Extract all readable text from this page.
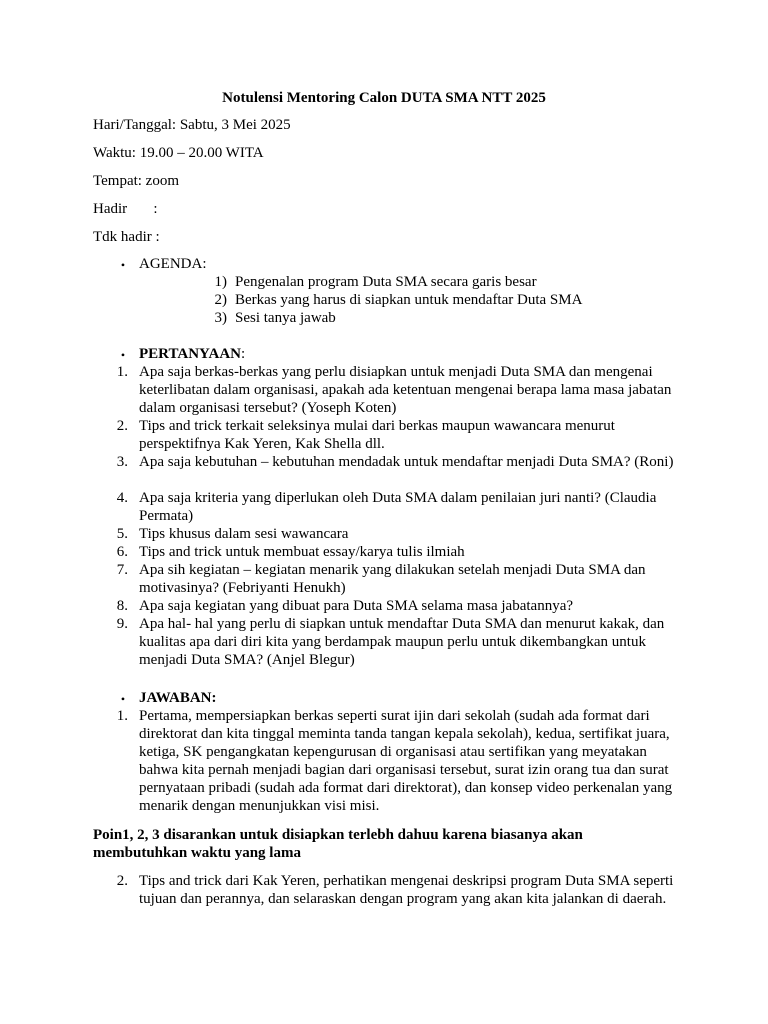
Notulensi Mentoring Calon DUTA SMA NTT 2025
Hari/Tanggal: Sabtu, 3 Mei 2025
Waktu: 19.00 – 20.00 WITA
Tempat: zoom
Hadir       :
Tdk hadir :
• AGENDA:
1) Pengenalan program Duta SMA secara garis besar
2) Berkas yang harus di siapkan untuk mendaftar Duta SMA
3) Sesi tanya jawab
• PERTANYAAN:
1. Apa saja berkas-berkas yang perlu disiapkan untuk menjadi Duta SMA dan mengenai keterlibatan dalam organisasi, apakah ada ketentuan mengenai berapa lama masa jabatan dalam organisasi tersebut? (Yoseph Koten)
2. Tips and trick terkait seleksinya mulai dari berkas maupun wawancara menurut perspektifnya Kak Yeren, Kak Shella dll.
3. Apa saja kebutuhan – kebutuhan mendadak untuk mendaftar menjadi Duta SMA? (Roni)
4. Apa saja kriteria yang diperlukan oleh Duta SMA dalam penilaian juri nanti? (Claudia Permata)
5. Tips khusus dalam sesi wawancara
6. Tips and trick untuk membuat essay/karya tulis ilmiah
7. Apa sih kegiatan – kegiatan menarik yang dilakukan setelah menjadi Duta SMA dan motivasinya? (Febriyanti Henukh)
8. Apa saja kegiatan yang dibuat para Duta SMA selama masa jabatannya?
9. Apa hal- hal yang perlu di siapkan untuk mendaftar Duta SMA dan menurut kakak, dan kualitas apa dari diri kita yang berdampak maupun perlu untuk dikembangkan untuk menjadi Duta SMA? (Anjel Blegur)
• JAWABAN:
1. Pertama, mempersiapkan berkas seperti surat ijin dari sekolah (sudah ada format dari direktorat dan kita tinggal meminta tanda tangan kepala sekolah), kedua, sertifikat juara, ketiga, SK pengangkatan kepengurusan di organisasi atau sertifikan yang meyatakan bahwa kita pernah menjadi bagian dari organisasi tersebut, surat izin orang tua dan surat pernyataan pribadi (sudah ada format dari direktorat), dan konsep video perkenalan yang menarik dengan menunjukkan visi misi.
Poin1, 2, 3 disarankan untuk disiapkan terlebh dahuu karena biasanya akan membutuhkan waktu yang lama
2. Tips and trick dari Kak Yeren, perhatikan mengenai deskripsi program Duta SMA seperti tujuan dan perannya, dan selaraskan dengan program yang akan kita jalankan di daerah.
